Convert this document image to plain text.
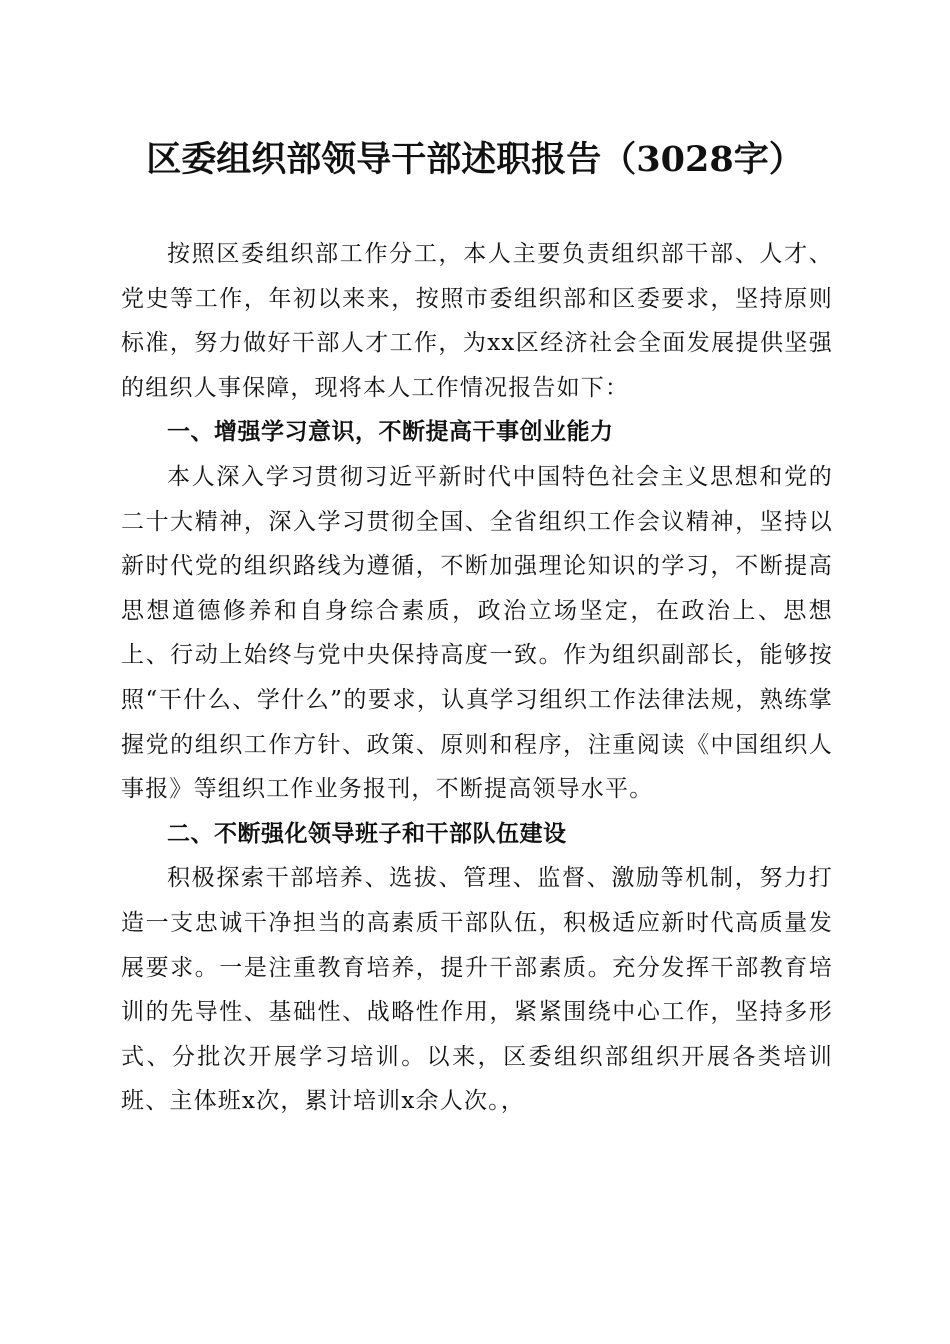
区委组织部领导干部述职报告（3028字）

按照区委组织部工作分工，本人主要负责组织部干部、人才、党史等工作，年初以来来，按照市委组织部和区委要求，坚持原则标准，努力做好干部人才工作，为xx区经济社会全面发展提供坚强的组织人事保障，现将本人工作情况报告如下：

一、增强学习意识，不断提高干事创业能力

本人深入学习贯彻习近平新时代中国特色社会主义思想和党的二十大精神，深入学习贯彻全国、全省组织工作会议精神，坚持以新时代党的组织路线为遵循，不断加强理论知识的学习，不断提高思想道德修养和自身综合素质，政治立场坚定，在政治上、思想上、行动上始终与党中央保持高度一致。作为组织副部长，能够按照“干什么、学什么”的要求，认真学习组织工作法律法规，熟练掌握党的组织工作方针、政策、原则和程序，注重阅读《中国组织人事报》等组织工作业务报刊，不断提高领导水平。

二、不断强化领导班子和干部队伍建设

积极探索干部培养、选拔、管理、监督、激励等机制，努力打造一支忠诚干净担当的高素质干部队伍，积极适应新时代高质量发展要求。一是注重教育培养，提升干部素质。充分发挥干部教育培训的先导性、基础性、战略性作用，紧紧围绕中心工作，坚持多形式、分批次开展学习培训。以来，区委组织部组织开展各类培训班、主体班x次，累计培训x余人次。，
